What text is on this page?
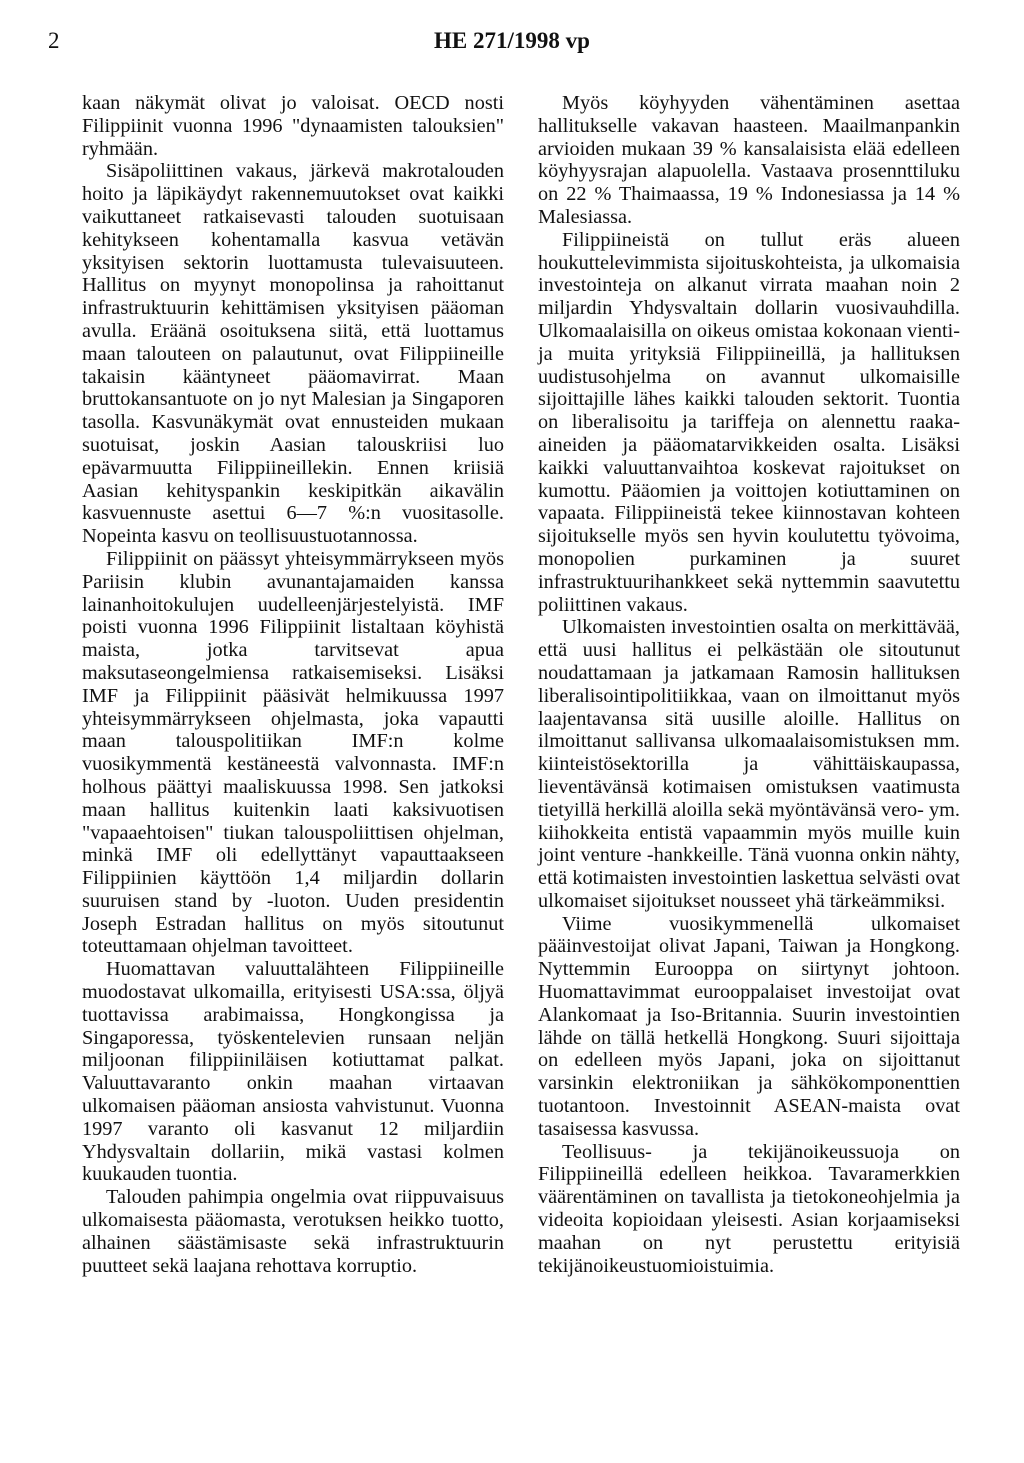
2	HE 271/1998 vp

kaan näkymät olivat jo valoisat. OECD nosti Filippiinit vuonna 1996 "dynaamisten talouksien" ryhmään.

Sisäpoliittinen vakaus, järkevä makrotalouden hoito ja läpikäydyt rakennemuutokset ovat kaikki vaikuttaneet ratkaisevasti talouden suotuisaan kehitykseen kohentamalla kasvua vetävän yksityisen sektorin luottamusta tulevaisuuteen. Hallitus on myynyt monopolinsa ja rahoittanut infrastruktuurin kehittämisen yksityisen pääoman avulla. Eräänä osoituksena siitä, että luottamus maan talouteen on palautunut, ovat Filippiineille takaisin kääntyneet pääomavirrat. Maan bruttokansantuote on jo nyt Malesian ja Singaporen tasolla. Kasvunäkymät ovat ennusteiden mukaan suotuisat, joskin Aasian talouskriisi luo epävarmuutta Filippiineillekin. Ennen kriisiä Aasian kehityspankin keskipitkän aikavälin kasvuennuste asettui 6—7 %:n vuositasolle. Nopeinta kasvu on teollisuustuotannossa.

Filippiinit on päässyt yhteisymmärrykseen myös Pariisin klubin avunantajamaiden kanssa lainanhoitokulujen uudelleenjärjestelyistä. IMF poisti vuonna 1996 Filippiinit listaltaan köyhistä maista, jotka tarvitsevat apua maksutaseongelmiensa ratkaisemiseksi. Lisäksi IMF ja Filippiinit pääsivät helmikuussa 1997 yhteisymmärrykseen ohjelmasta, joka vapautti maan talouspolitiikan IMF:n kolme vuosikymmentä kestäneestä valvonnasta. IMF:n holhous päättyi maaliskuussa 1998. Sen jatkoksi maan hallitus kuitenkin laati kaksivuotisen "vapaaehtoisen" tiukan talouspoliittisen ohjelman, minkä IMF oli edellyttänyt vapauttaakseen Filippiinien käyttöön 1,4 miljardin dollarin suuruisen stand by -luoton. Uuden presidentin Joseph Estradan hallitus on myös sitoutunut toteuttamaan ohjelman tavoitteet.

Huomattavan valuuttalähteen Filippiineille muodostavat ulkomailla, erityisesti USA:ssa, öljyä tuottavissa arabimaissa, Hongkongissa ja Singaporessa, työskentelevien runsaan neljän miljoonan filippiiniläisen kotiuttamat palkat. Valuuttavaranto onkin maahan virtaavan ulkomaisen pääoman ansiosta vahvistunut. Vuonna 1997 varanto oli kasvanut 12 miljardiin Yhdysvaltain dollariin, mikä vastasi kolmen kuukauden tuontia.

Talouden pahimpia ongelmia ovat riippuvaisuus ulkomaisesta pääomasta, verotuksen heikko tuotto, alhainen säästämisaste sekä infrastruktuurin puutteet sekä laajana rehottava korruptio.

Myös köyhyyden vähentäminen asettaa hallitukselle vakavan haasteen. Maailmanpankin arvioiden mukaan 39 % kansalaisista elää edelleen köyhyysrajan alapuolella. Vastaava prosennttiluku on 22 % Thaimaassa, 19 % Indonesiassa ja 14 % Malesiassa.

Filippiineistä on tullut eräs alueen houkuttelevimmista sijoituskohteista, ja ulkomaisia investointeja on alkanut virrata maahan noin 2 miljardin Yhdysvaltain dollarin vuosivauhdilla. Ulkomaalaisilla on oikeus omistaa kokonaan vienti- ja muita yrityksiä Filippiineillä, ja hallituksen uudistusohjelma on avannut ulkomaisille sijoittajille lähes kaikki talouden sektorit. Tuontia on liberalisoitu ja tariffeja on alennettu raaka-aineiden ja pääomatarvikkeiden osalta. Lisäksi kaikki valuuttanvaihtoa koskevat rajoitukset on kumottu. Pääomien ja voittojen kotiuttaminen on vapaata. Filippiineistä tekee kiinnostavan kohteen sijoitukselle myös sen hyvin koulutettu työvoima, monopolien purkaminen ja suuret infrastruktuurihankkeet sekä nyttemmin saavutettu poliittinen vakaus.

Ulkomaisten investointien osalta on merkittävää, että uusi hallitus ei pelkästään ole sitoutunut noudattamaan ja jatkamaan Ramosin hallituksen liberalisointipolitiikkaa, vaan on ilmoittanut myös laajentavansa sitä uusille aloille. Hallitus on ilmoittanut sallivansa ulkomaalaisomistuksen mm. kiinteistösektorilla ja vähittäiskaupassa, lieventävänsä kotimaisen omistuksen vaatimusta tietyillä herkillä aloilla sekä myöntävänsä vero- ym. kiihokkeita entistä vapaammin myös muille kuin joint venture -hankkeille. Tänä vuonna onkin nähty, että kotimaisten investointien laskettua selvästi ovat ulkomaiset sijoitukset nousseet yhä tärkeämmiksi.

Viime vuosikymmenellä ulkomaiset pääinvestoijat olivat Japani, Taiwan ja Hongkong. Nyttemmin Eurooppa on siirtynyt johtoon. Huomattavimmat eurooppalaiset investoijat ovat Alankomaat ja Iso-Britannia. Suurin investointien lähde on tällä hetkellä Hongkong. Suuri sijoittaja on edelleen myös Japani, joka on sijoittanut varsinkin elektroniikan ja sähkökomponenttien tuotantoon. Investoinnit ASEAN-maista ovat tasaisessa kasvussa.

Teollisuus- ja tekijänoikeussuoja on Filippiineillä edelleen heikkoa. Tavaramerkkien väärentäminen on tavallista ja tietokoneohjelmia ja videoita kopioidaan yleisesti. Asian korjaamiseksi maahan on nyt perustettu erityisiä tekijänoikeustuomioistuimia.
